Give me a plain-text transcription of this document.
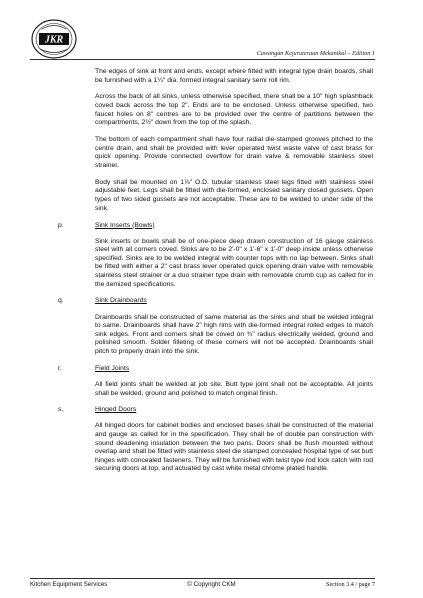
JKR
Cawangan Kejuruteraan Mekanikal – Edition 1

The edges of sink at front and ends, except where fitted with integral type drain boards, shall be furnished with a 1¼" dia. formed integral sanitary semi roll rim.

Across the back of all sinks, unless otherwise specified, there shall be a 10" high splashback coved back across the top 2". Ends are to be enclosed. Unless otherwise specified, two faucet holes on 8" centres are to be provided over the centre of partitions between the compartments, 2½" down from the top of the splash.

The bottom of each compartment shall have four radial die-stamped grooves pitched to the centre drain, and shall be provided with lever operated twist waste valve of cast brass for quick opening. Provide connected overflow for drain valve & removable stainless steel strainer.

Body shall be mounted on 1⅞" O.D. tubular stainless steel legs fitted with stainless steel adjustable feet. Legs shall be fitted with die-formed, enclosed sanitary closed gussets. Open types of two sided gussets are not acceptable. These are to be welded to under side of the sink.

p.	Sink Inserts (Bowls)

Sink inserts or bowls shall be of one-piece deep drawn construction of 16 gauge stainless steel with all corners coved. Sinks are to be 2'-0" x 1'-6" x 1'-0" deep inside unless otherwise specified. Sinks are to be welded integral with counter tops with no lap between. Sinks shall be fitted with either a 2" cast brass lever operated quick opening drain valve with removable stainless steel strainer or a duo strainer type drain with removable crumb cup as called for in the itemized specifications.

q.	Sink Drainboards

Drainboards shall be constructed of same material as the sinks and shall be welded integral to same. Drainboards shall have 2" high rims with die-formed integral rolled edges to match sink edges. Front and corners shall be coved on ¾" radius electrically welded, ground and polished smooth. Solder filleting of these corners will not be accepted. Drainboards shall pitch to properly drain into the sink.

r.	Field Joints

All field joints shall be welded at job site. Butt type joint shall not be acceptable. All joints shall be welded, ground and polished to match original finish.

s.	Hinged Doors

All hinged doors for cabinet bodies and enclosed bases shall be constructed of the material and gauge as called for in the specification. They shall be of double pan construction with sound deadening insulation between the two pans. Doors shall be flush mounted without overlap and shall be fitted with stainless steel die stamped concealed hospital type of set butt hinges with concealed fasteners. They will be furnished with twist type rod lock catch with rod securing doors at top, and actuated by cast white metal chrome plated handle.

Kitchen Equipment Services	© Copyright CKM	Section 3.4 / page 7
